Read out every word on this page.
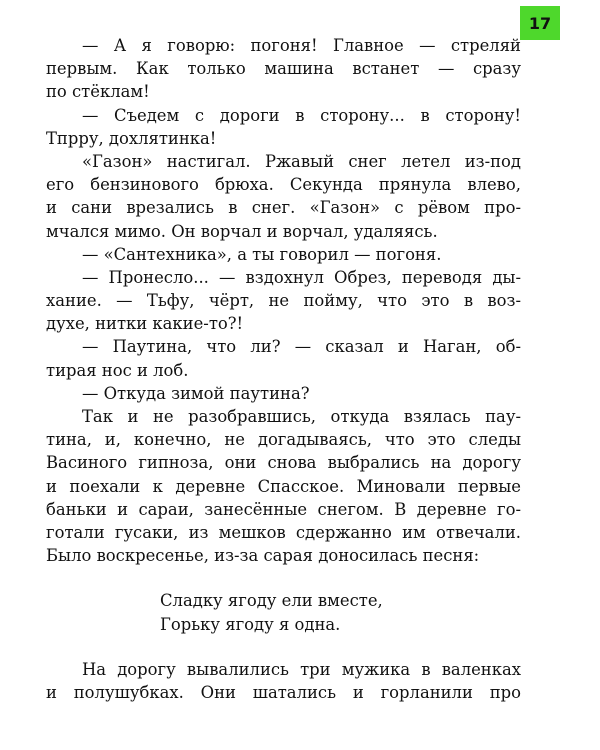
17
— А я говорю: погоня! Главное — стреляй
первым. Как только машина встанет — сразу
по стёклам!
— Съедем с дороги в сторону... в сторону!
Тпрру, дохлятинка!
«Газон» настигал. Ржавый снег летел из-под
его бензинового брюха. Секунда прянула влево,
и сани врезались в снег. «Газон» с рёвом про-
мчался мимо. Он ворчал и ворчал, удаляясь.
— «Сантехника», а ты говорил — погоня.
— Пронесло... — вздохнул Обрез, переводя ды-
хание. — Тьфу, чёрт, не пойму, что это в воз-
духе, нитки какие-то?!
— Паутина, что ли? — сказал и Наган, об-
тирая нос и лоб.
— Откуда зимой паутина?
Так и не разобравшись, откуда взялась пау-
тина, и, конечно, не догадываясь, что это следы
Васиного гипноза, они снова выбрались на дорогу
и поехали к деревне Спасское. Миновали первые
баньки и сараи, занесённые снегом. В деревне го-
готали гусаки, из мешков сдержанно им отвечали.
Было воскресенье, из-за сарая доносилась песня:
Сладку ягоду ели вместе,
Горьку ягоду я одна.
На дорогу вывалились три мужика в валенках
и полушубках. Они шатались и горланили про
